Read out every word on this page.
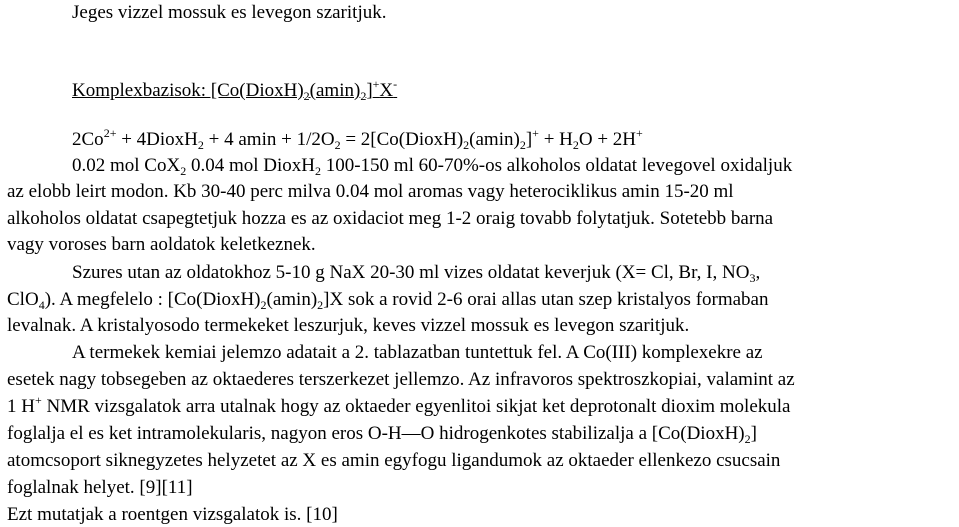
Jeges vizzel mossuk es levegon szaritjuk.
Komplexbazisok: $[Co(DioxH)_2(amin)_2]^+X^-$
$2Co^{2+}$ + 4DioxH$_2$ + 4 $amin + 1/2O_2$ = $2[Co(DioxH)_2(amin)_2]^+ + H_2O + 2H^+$
0.02 mol CoX$_2$ 0.04 mol DioxH$_2$ 100-150 ml 60-70%-os alkoholos oldatat levegovel oxidaljuk
az elobb leirt modon. Kb 30-40 perc milva 0.04 mol aromas vagy heterociklikus amin 15-20 ml
alkoholos oldatat csapegtetjuk hozza es az oxidaciot meg 1-2 oraig tovabb folytatjuk. Sotetebb barna
vagy voroses barn aoldatok keletkeznek.
Szures utan az oldatokhoz 5-10 g NaX 20-30 ml vizes oldatat keverjuk (X= Cl, Br, I, $NO_3$,
ClO$_4$). A megfelelo : $[Co(DioxH)_2(amin)_2]X$ sok a rovid 2-6 orai allas utan szep kristalyos formaban
levalnak. A kristalyosodo termekeket leszurjuk, keves vizzel mossuk es levegon szaritjuk.
A termekek kemiai jelemzo adatait a 2. tablazatban tuntettuk fel. A Co(III) komplexekre az
esetek nagy tobsegeben az oktaederes terszerkezet jellemzo. Az infravoros spektroszkopiai, valamint az
1 H+ NMR vizsgalatok arra utalnak hogy az oktaeder egyenlitoi sikjat ket deprotonalt dioxim molekula
foglalja el es ket intramolekularis, nagyon eros O-H—O hidrogenkotes stabilizalja a $[Co(DioxH)_2]$
atomcsoport siknegyzetes helyzetet az X es amin egyfogu ligandumok az oktaeder ellenkezo csucsain
foglalnak helyet. [9][11]
Ezt mutatjak a roentgen vizsgalatok is. [10]
